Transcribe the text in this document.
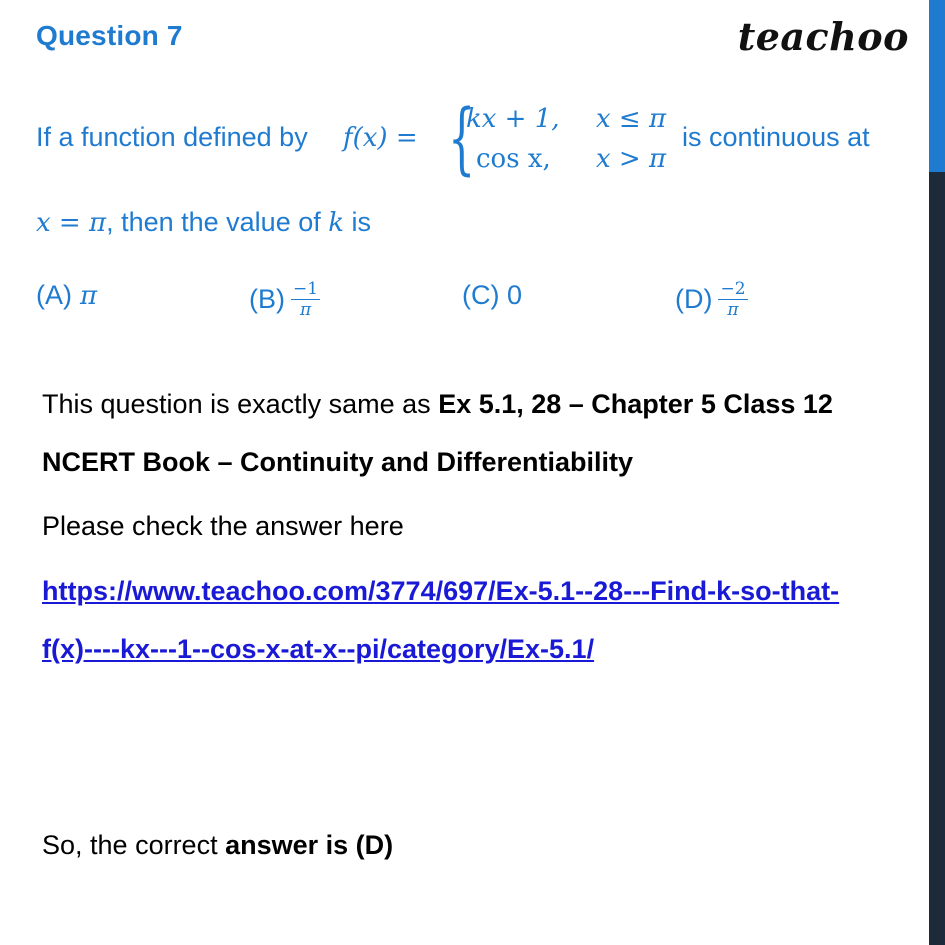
Question 7	teachoo
If a function defined by f(x) = {
kx + 1, x ≤ π
cos x, x > π
is continuous at
x = π, then the value of k is
(A) π	$(B) \frac{-1}{\pi}$	(C) 0	$(D) \frac{-2}{\pi}$
This question is exactly same as Ex 5.1, 28 – Chapter 5 Class 12
NCERT Book – Continuity and Differentiability
Please check the answer here
https://www.teachoo.com/3774/697/Ex-5.1--28---Find-k-so-that-
f(x)----kx---1--cos-x-at-x--pi/category/Ex-5.1/
So, the correct answer is (D)
